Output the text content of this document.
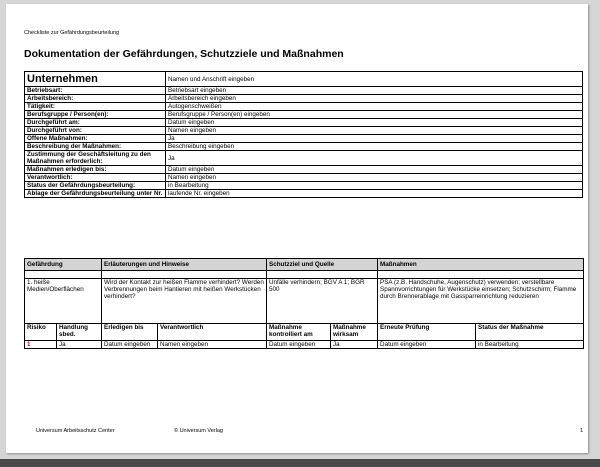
Checkliste zur Gefährdungsbeurteilung
Dokumentation der Gefährdungen, Schutzziele und Maßnahmen
Unternehmen	Namen und Anschrift eingeben
Betriebsart:	Betriebsart eingeben
Arbeitsbereich:	Arbeitsbereich eingeben
Tätigkeit:	Autogenschweißen
Berufsgruppe / Person(en):	Berufsgruppe / Person(en) eingeben
Durchgeführt am:	Datum eingeben
Durchgeführt von:	Namen eingeben
Offene Maßnahmen:	Ja
Beschreibung der Maßnahmen:	Beschreibung eingeben
Zustimmung der Geschäftsleitung zu den Maßnahmen erforderlich:	Ja
Maßnahmen erledigen bis:	Datum eingeben
Verantwortlich:	Namen eingeben
Status der Gefährdungsbeurteilung:	in Bearbeitung
Ablage der Gefährdungsbeurteilung unter Nr.	laufende Nr. eingeben
Gefährdung		Erläuterungen und Hinweise		Schutzziel und Quelle		Maßnahmen	

1. heiße Medien/Oberflächen		Wird der Kontakt zur heißen Flamme verhindert? Werden Verbrennungen beim Hantieren mit heißen Werkstücken verhindert?		Unfälle verhindern; BGV A 1; BGR 500		PSA (z.B. Handschuhe, Augenschutz) verwenden; verstellbare Spannvorrichtungen für Werkstücke einsetzen; Schutzschirm; Flamme durch Brennerablage mit Gassparreinrichtung reduzieren	
Risiko	Handlung sbed.	Erledigen bis	Verantwortlich	Maßnahme kontrolliert am	Maßnahme wirksam	Erneute Prüfung	Status der Maßnahme
1	Ja	Datum eingeben	Namen eingeben	Datum eingeben	Ja	Datum eingeben	in Bearbeitung
Universum Arbeitsschutz Center	© Universum Verlag	1
